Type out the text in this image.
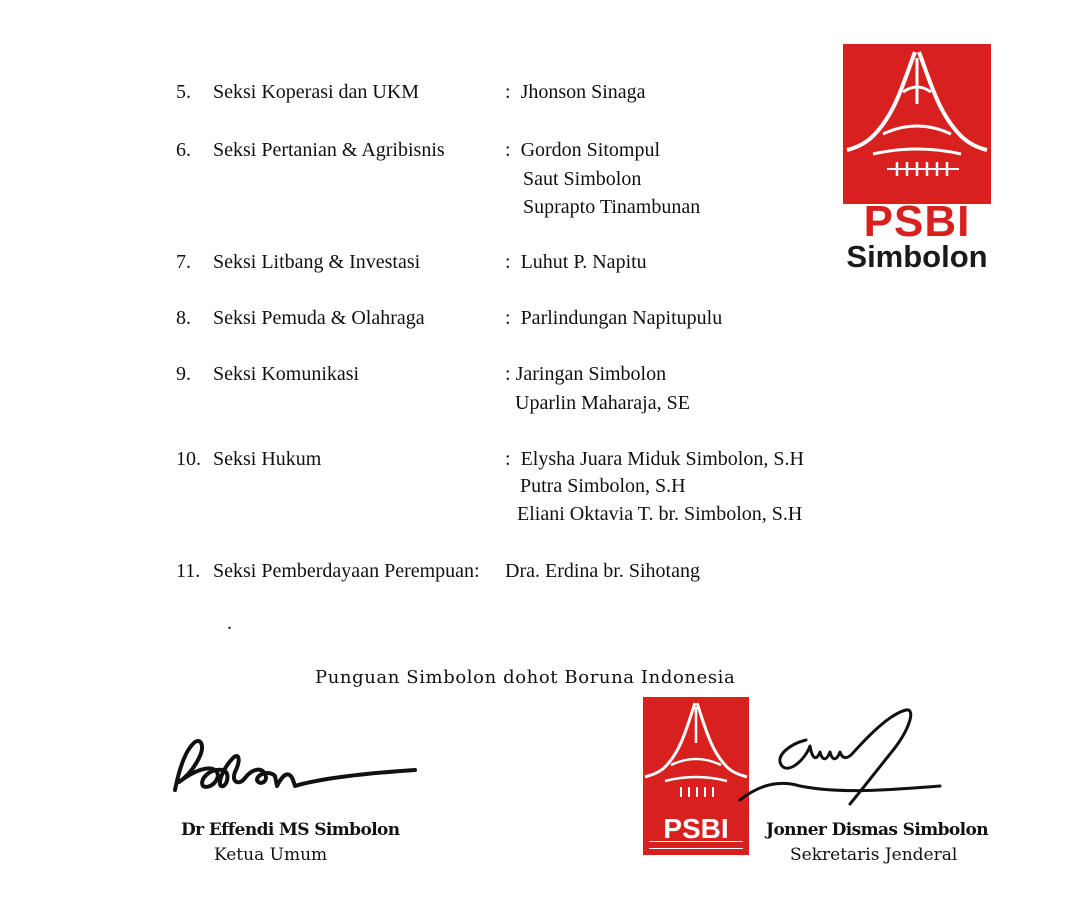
5. Seksi Koperasi dan UKM	: Jhonson Sinaga
6. Seksi Pertanian & Agribisnis	: Gordon Sitompul
Saut Simbolon
Suprapto Tinambunan
7. Seksi Litbang & Investasi	: Luhut P. Napitu
8. Seksi Pemuda & Olahraga	: Parlindungan Napitupulu
9. Seksi Komunikasi	: Jaringan Simbolon
Uparlin Maharaja, SE
10. Seksi Hukum	: Elysha Juara Miduk Simbolon, S.H
Putra Simbolon, S.H
Eliani Oktavia T. br. Simbolon, S.H
11. Seksi Pemberdayaan Perempuan: Dra. Erdina br. Sihotang
.
PSBI
Simbolon
Punguan Simbolon dohot Boruna Indonesia
Dr Effendi MS Simbolon
Ketua Umum
PSBI	Jonner Dismas Simbolon
Sekretaris Jenderal
